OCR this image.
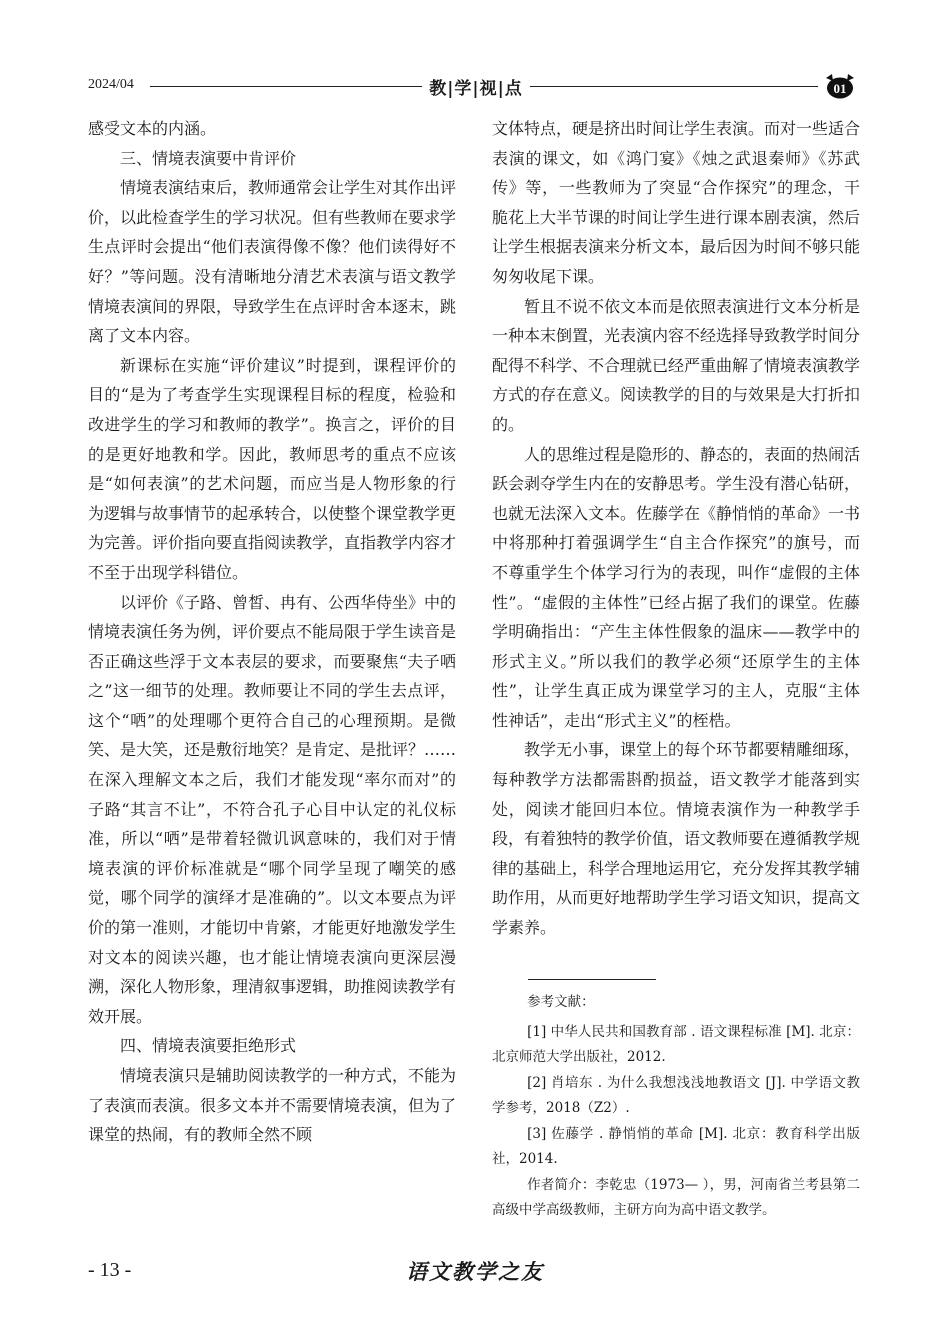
2024/04	教|学|视|点	01

感受文本的内涵。

三、情境表演要中肯评价

情境表演结束后，教师通常会让学生对其作出评价，以此检查学生的学习状况。但有些教师在要求学生点评时会提出“他们表演得像不像？他们读得好不好？”等问题。没有清晰地分清艺术表演与语文教学情境表演间的界限，导致学生在点评时舍本逐末，跳离了文本内容。

新课标在实施“评价建议”时提到，课程评价的目的“是为了考查学生实现课程目标的程度，检验和改进学生的学习和教师的教学”。换言之，评价的目的是更好地教和学。因此，教师思考的重点不应该是“如何表演”的艺术问题，而应当是人物形象的行为逻辑与故事情节的起承转合，以使整个课堂教学更为完善。评价指向要直指阅读教学，直指教学内容才不至于出现学科错位。

以评价《子路、曾皙、冉有、公西华侍坐》中的情境表演任务为例，评价要点不能局限于学生读音是否正确这些浮于文本表层的要求，而要聚焦“夫子哂之”这一细节的处理。教师要让不同的学生去点评，这个“哂”的处理哪个更符合自己的心理预期。是微笑、是大笑，还是敷衍地笑？是肯定、是批评？……在深入理解文本之后，我们才能发现“率尔而对”的子路“其言不让”，不符合孔子心目中认定的礼仪标准，所以“哂”是带着轻微讥讽意味的，我们对于情境表演的评价标准就是“哪个同学呈现了嘲笑的感觉，哪个同学的演绎才是准确的”。以文本要点为评价的第一准则，才能切中肯綮，才能更好地激发学生对文本的阅读兴趣，也才能让情境表演向更深层漫溯，深化人物形象，理清叙事逻辑，助推阅读教学有效开展。

四、情境表演要拒绝形式

情境表演只是辅助阅读教学的一种方式，不能为了表演而表演。很多文本并不需要情境表演，但为了课堂的热闹，有的教师全然不顾

文体特点，硬是挤出时间让学生表演。而对一些适合表演的课文，如《鸿门宴》《烛之武退秦师》《苏武传》等，一些教师为了突显“合作探究”的理念，干脆花上大半节课的时间让学生进行课本剧表演，然后让学生根据表演来分析文本，最后因为时间不够只能匆匆收尾下课。

暂且不说不依文本而是依照表演进行文本分析是一种本末倒置，光表演内容不经选择导致教学时间分配得不科学、不合理就已经严重曲解了情境表演教学方式的存在意义。阅读教学的目的与效果是大打折扣的。

人的思维过程是隐形的、静态的，表面的热闹活跃会剥夺学生内在的安静思考。学生没有潜心钻研，也就无法深入文本。佐藤学在《静悄悄的革命》一书中将那种打着强调学生“自主合作探究”的旗号，而不尊重学生个体学习行为的表现，叫作“虚假的主体性”。“虚假的主体性”已经占据了我们的课堂。佐藤学明确指出：“产生主体性假象的温床——教学中的形式主义。”所以我们的教学必须“还原学生的主体性”，让学生真正成为课堂学习的主人，克服“主体性神话”，走出“形式主义”的桎梏。

教学无小事，课堂上的每个环节都要精雕细琢，每种教学方法都需斟酌损益，语文教学才能落到实处，阅读才能回归本位。情境表演作为一种教学手段，有着独特的教学价值，语文教师要在遵循教学规律的基础上，科学合理地运用它，充分发挥其教学辅助作用，从而更好地帮助学生学习语文知识，提高文学素养。

参考文献：

[1] 中华人民共和国教育部 . 语文课程标准 [M]. 北京：北京师范大学出版社，2012.

[2] 肖培东 . 为什么我想浅浅地教语文 [J]. 中学语文教学参考，2018（Z2）.

[3] 佐藤学 . 静悄悄的革命 [M]. 北京：教育科学出版社，2014.

作者简介：李乾忠（1973— ），男，河南省兰考县第二高级中学高级教师，主研方向为高中语文教学。

- 13 -	语文教学之友
